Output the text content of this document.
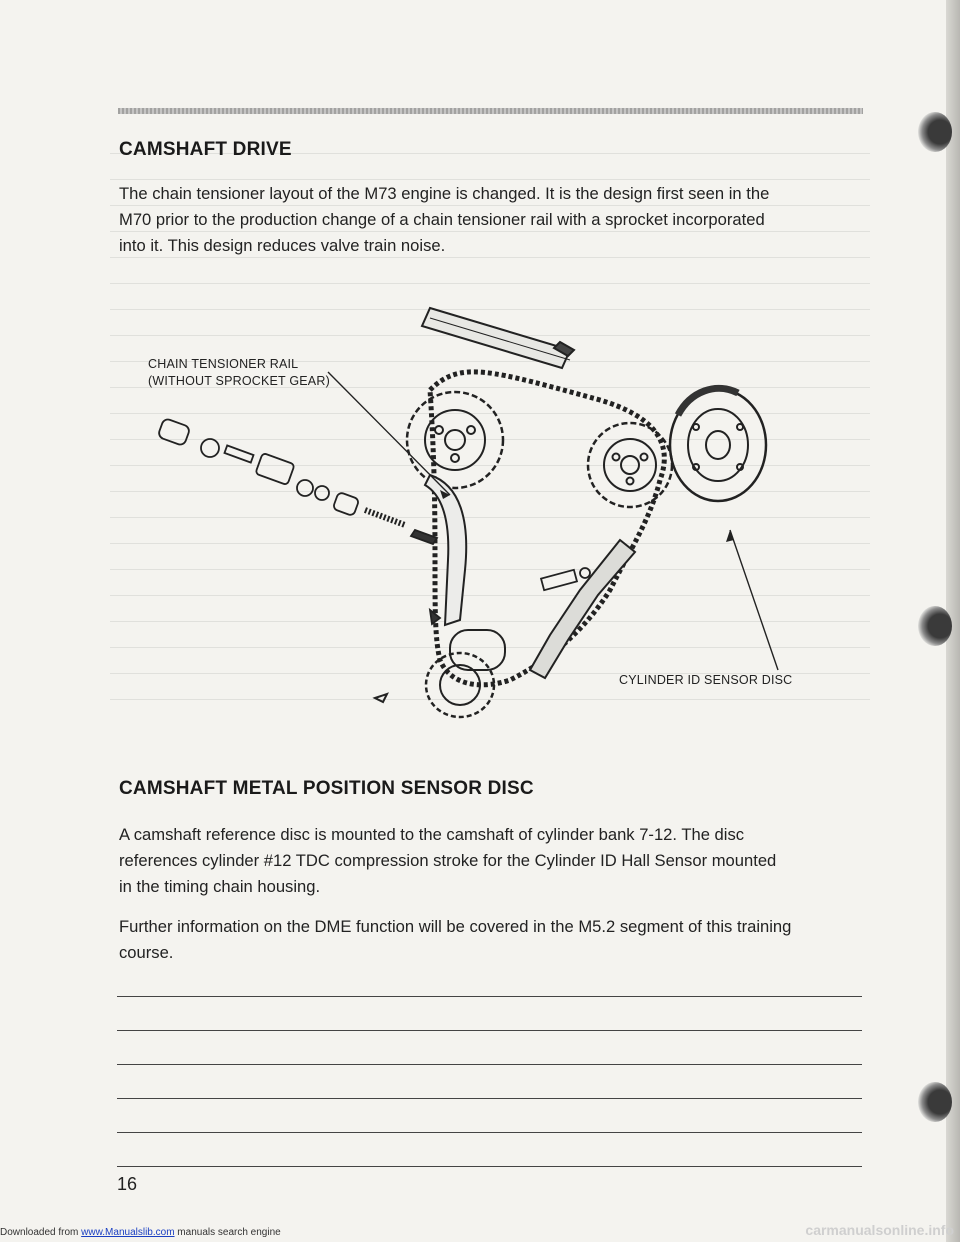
CAMSHAFT DRIVE

The chain tensioner layout of the M73 engine is changed. It is the design first seen in the

M70 prior to the production change of a chain tensioner rail with a sprocket incorporated

into it. This design reduces valve train noise.

CHAIN TENSIONER RAIL
(WITHOUT SPROCKET GEAR)
CYLINDER ID SENSOR DISC
CAMSHAFT METAL POSITION SENSOR DISC

A camshaft reference disc is mounted to the camshaft of cylinder bank 7-12. The disc

references cylinder #12 TDC compression stroke for the Cylinder ID Hall Sensor mounted

in the timing chain housing.

Further information on the DME function will be covered in the M5.2 segment of this training

course.

16
Downloaded from www.Manualslib.com manuals search engine	carmanualsonline.info
